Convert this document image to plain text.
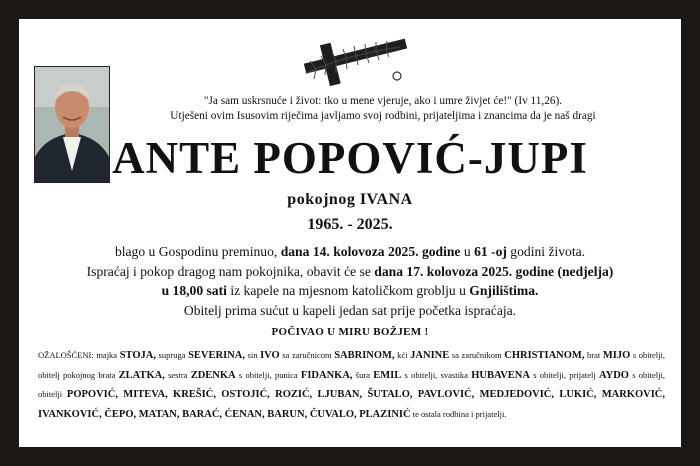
"Ja sam uskrsnuće i život: tko u mene vjeruje, ako i umre živjet će!" (Iv 11,26).
Utješeni ovim Isusovim riječima javljamo svoj rodbini, prijateljima i znancima da je naš dragi
ANTE POPOVIĆ-JUPI
pokojnog IVANA
1965. - 2025.
blago u Gospodinu preminuo, dana 14. kolovoza 2025. godine u 61 -oj godini života.
Ispraćaj i pokop dragog nam pokojnika, obavit će se dana 17. kolovoza 2025. godine (nedjelja)
u 18,00 sati iz kapele na mjesnom katoličkom groblju u Gnjilištima.
Obitelj prima sućut u kapeli jedan sat prije početka ispraćaja.
POČIVAO U MIRU BOŽJEM !
OŽALOŠĆENI: majka STOJA, supruga SEVERINA, sin IVO sa zaručnicom SABRINOM, kći JANINE sa zaručnikom CHRISTIANOM, brat MIJO s obitelji, obitelj pokojnog brata ZLATKA, sestra ZDENKA s obitelji, punica FIDANKA, šura EMIL s obitelji, svastika HUBAVENA s obitelji, prijatelj AYDO s obitelji, obitelji POPOVIĆ, MITEVA, KREŠIĆ, OSTOJIĆ, ROZIĆ, LJUBAN, ŠUTALO, PAVLOVIĆ, MEDJEDOVIĆ, LUKIĆ, MARKOVIĆ, IVANKOVIĆ, ČEPO, MATAN, BARAĆ, ĆENAN, BARUN, ČUVALO, PLAZINIĆ te ostala rodbina i prijatelji.
